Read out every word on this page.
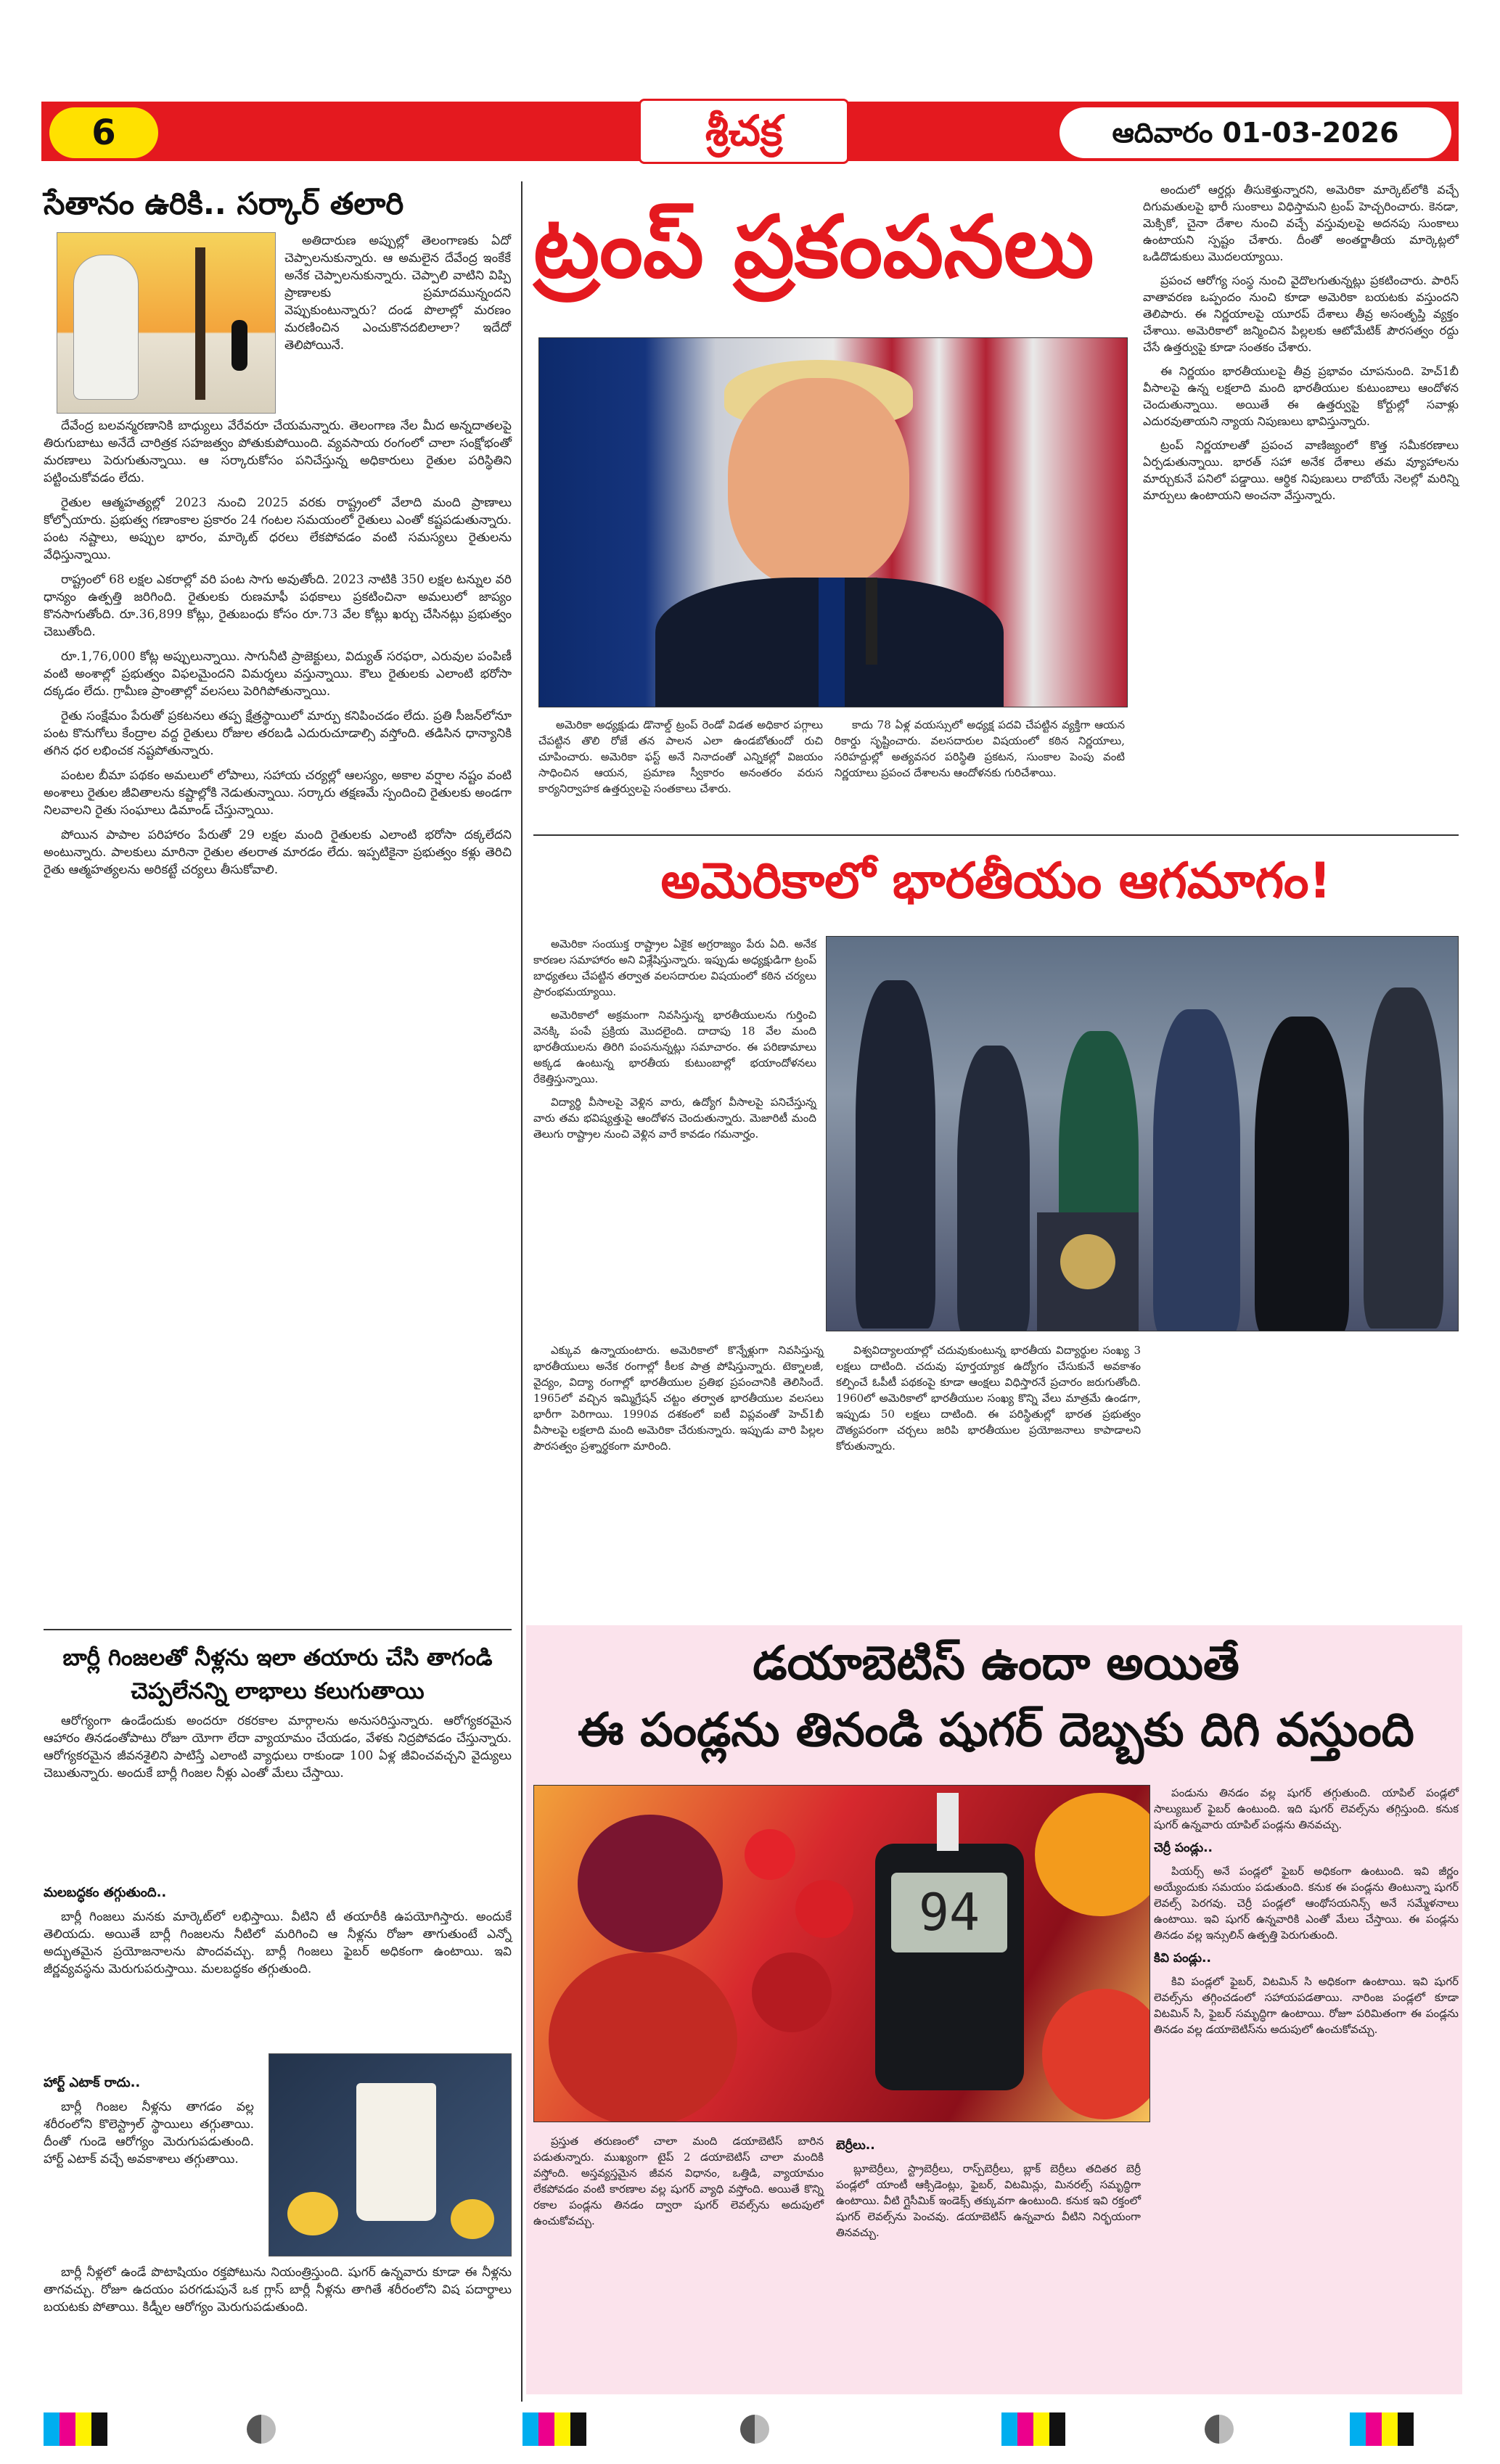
6	శ్రీచక్ర	ఆదివారం 01-03-2026
సేతానం ఉరికి.. సర్కార్ తలారి

అతిదారుణ అప్పుల్లో తెలంగాణకు ఏదో చెప్పాలనుకున్నారు. ఆ అమలైన దేవేంద్ర ఇంకేకే అనేక చెప్పాలనుకున్నారు. చెప్పాలి వాటిని విప్పి ప్రాణాలకు ప్రమాదమున్నందని వెప్పుకుంటున్నారు? దండ పొలాల్లో మరణం మరణించిన ఎంచుకొనదబిలాలా? ఇదేదో తెలిపోయినే.

దేవేంద్ర బలవన్మరణానికి బాధ్యులు వేరేవరూ చేయమన్నారు. తెలంగాణ నేల మీద అన్నదాతలపై తిరుగుబాటు అనేదే చారిత్రక సహజత్వం పోతుకుపోయింది. వ్యవసాయ రంగంలో చాలా సంక్షోభంతో మరణాలు పెరుగుతున్నాయి. ఆ సర్కారుకోసం పనిచేస్తున్న అధికారులు రైతుల పరిస్థితిని పట్టించుకోవడం లేదు.

రైతుల ఆత్మహత్యల్లో 2023 నుంచి 2025 వరకు రాష్ట్రంలో వేలాది మంది ప్రాణాలు కోల్పోయారు. ప్రభుత్వ గణాంకాల ప్రకారం 24 గంటల సమయంలో రైతులు ఎంతో కష్టపడుతున్నారు. పంట నష్టాలు, అప్పుల భారం, మార్కెట్ ధరలు లేకపోవడం వంటి సమస్యలు రైతులను వేధిస్తున్నాయి.

రాష్ట్రంలో 68 లక్షల ఎకరాల్లో వరి పంట సాగు అవుతోంది. 2023 నాటికి 350 లక్షల టన్నుల వరి ధాన్యం ఉత్పత్తి జరిగింది. రైతులకు రుణమాఫీ పథకాలు ప్రకటించినా అమలులో జాప్యం కొనసాగుతోంది. రూ.36,899 కోట్లు, రైతుబంధు కోసం రూ.73 వేల కోట్లు ఖర్చు చేసినట్లు ప్రభుత్వం చెబుతోంది.

రూ.1,76,000 కోట్ల అప్పులున్నాయి. సాగునీటి ప్రాజెక్టులు, విద్యుత్ సరఫరా, ఎరువుల పంపిణీ వంటి అంశాల్లో ప్రభుత్వం విఫలమైందని విమర్శలు వస్తున్నాయి. కౌలు రైతులకు ఎలాంటి భరోసా దక్కడం లేదు. గ్రామీణ ప్రాంతాల్లో వలసలు పెరిగిపోతున్నాయి.

రైతు సంక్షేమం పేరుతో ప్రకటనలు తప్ప క్షేత్రస్థాయిలో మార్పు కనిపించడం లేదు. ప్రతి సీజన్‌లోనూ పంట కొనుగోలు కేంద్రాల వద్ద రైతులు రోజుల తరబడి ఎదురుచూడాల్సి వస్తోంది. తడిసిన ధాన్యానికి తగిన ధర లభించక నష్టపోతున్నారు.

పంటల బీమా పథకం అమలులో లోపాలు, సహాయ చర్యల్లో ఆలస్యం, అకాల వర్షాల నష్టం వంటి అంశాలు రైతుల జీవితాలను కష్టాల్లోకి నెడుతున్నాయి. సర్కారు తక్షణమే స్పందించి రైతులకు అండగా నిలవాలని రైతు సంఘాలు డిమాండ్ చేస్తున్నాయి.

పోయిన పాపాల పరిహారం పేరుతో 29 లక్షల మంది రైతులకు ఎలాంటి భరోసా దక్కలేదని అంటున్నారు. పాలకులు మారినా రైతుల తలరాత మారడం లేదు. ఇప్పటికైనా ప్రభుత్వం కళ్లు తెరిచి రైతు ఆత్మహత్యలను అరికట్టే చర్యలు తీసుకోవాలి.

బార్లీ గింజలతో నీళ్లను ఇలా తయారు చేసి తాగండి చెప్పలేనన్ని లాభాలు కలుగుతాయి

ఆరోగ్యంగా ఉండేందుకు అందరూ రకరకాల మార్గాలను అనుసరిస్తున్నారు. ఆరోగ్యకరమైన ఆహారం తినడంతోపాటు రోజూ యోగా లేదా వ్యాయామం చేయడం, వేళకు నిద్రపోవడం చేస్తున్నారు. ఆరోగ్యకరమైన జీవనశైలిని పాటిస్తే ఎలాంటి వ్యాధులు రాకుండా 100 ఏళ్ల జీవించవచ్చని వైద్యులు చెబుతున్నారు. అందుకే బార్లీ గింజల నీళ్లు ఎంతో మేలు చేస్తాయి.

మలబద్ధకం తగ్గుతుంది..

బార్లీ గింజలు మనకు మార్కెట్‌లో లభిస్తాయి. వీటిని టీ తయారీకి ఉపయోగిస్తారు. అందుకే తెలియదు. అయితే బార్లీ గింజలను నీటిలో మరిగించి ఆ నీళ్లను రోజూ తాగుతుంటే ఎన్నో అద్భుతమైన ప్రయోజనాలను పొందవచ్చు. బార్లీ గింజలు ఫైబర్ అధికంగా ఉంటాయి. ఇవి జీర్ణవ్యవస్థను మెరుగుపరుస్తాయి. మలబద్ధకం తగ్గుతుంది.

హార్ట్ ఎటాక్ రాదు..

బార్లీ గింజల నీళ్లను తాగడం వల్ల శరీరంలోని కొలెస్ట్రాల్ స్థాయిలు తగ్గుతాయి. దీంతో గుండె ఆరోగ్యం మెరుగుపడుతుంది. హార్ట్ ఎటాక్ వచ్చే అవకాశాలు తగ్గుతాయి.

బార్లీ నీళ్లలో ఉండే పొటాషియం రక్తపోటును నియంత్రిస్తుంది. షుగర్ ఉన్నవారు కూడా ఈ నీళ్లను తాగవచ్చు. రోజూ ఉదయం పరగడుపునే ఒక గ్లాస్ బార్లీ నీళ్లను తాగితే శరీరంలోని విష పదార్థాలు బయటకు పోతాయి. కిడ్నీల ఆరోగ్యం మెరుగుపడుతుంది.

ట్రంప్ ప్రకంపనలు

అమెరికా అధ్యక్షుడు డొనాల్డ్ ట్రంప్ రెండో విడత అధికార పగ్గాలు చేపట్టిన తొలి రోజే తన పాలన ఎలా ఉండబోతుందో రుచి చూపించారు. అమెరికా ఫస్ట్ అనే నినాదంతో ఎన్నికల్లో విజయం సాధించిన ఆయన, ప్రమాణ స్వీకారం అనంతరం వరుస కార్యనిర్వాహక ఉత్తర్వులపై సంతకాలు చేశారు.

కాదు 78 ఏళ్ల వయస్సులో అధ్యక్ష పదవి చేపట్టిన వ్యక్తిగా ఆయన రికార్డు సృష్టించారు. వలసదారుల విషయంలో కఠిన నిర్ణయాలు, సరిహద్దుల్లో అత్యవసర పరిస్థితి ప్రకటన, సుంకాల పెంపు వంటి నిర్ణయాలు ప్రపంచ దేశాలను ఆందోళనకు గురిచేశాయి.

అందులో ఆర్డర్లు తీసుకెళ్తున్నారని, అమెరికా మార్కెట్‌లోకి వచ్చే దిగుమతులపై భారీ సుంకాలు విధిస్తామని ట్రంప్ హెచ్చరించారు. కెనడా, మెక్సికో, చైనా దేశాల నుంచి వచ్చే వస్తువులపై అదనపు సుంకాలు ఉంటాయని స్పష్టం చేశారు. దీంతో అంతర్జాతీయ మార్కెట్లలో ఒడిదొడుకులు మొదలయ్యాయి.

ప్రపంచ ఆరోగ్య సంస్థ నుంచి వైదొలగుతున్నట్లు ప్రకటించారు. పారిస్ వాతావరణ ఒప్పందం నుంచి కూడా అమెరికా బయటకు వస్తుందని తెలిపారు. ఈ నిర్ణయాలపై యూరప్ దేశాలు తీవ్ర అసంతృప్తి వ్యక్తం చేశాయి. అమెరికాలో జన్మించిన పిల్లలకు ఆటోమేటిక్ పౌరసత్వం రద్దు చేసే ఉత్తర్వుపై కూడా సంతకం చేశారు.

ఈ నిర్ణయం భారతీయులపై తీవ్ర ప్రభావం చూపనుంది. హెచ్1బీ వీసాలపై ఉన్న లక్షలాది మంది భారతీయుల కుటుంబాలు ఆందోళన చెందుతున్నాయి. అయితే ఈ ఉత్తర్వుపై కోర్టుల్లో సవాళ్లు ఎదురవుతాయని న్యాయ నిపుణులు భావిస్తున్నారు.

ట్రంప్ నిర్ణయాలతో ప్రపంచ వాణిజ్యంలో కొత్త సమీకరణాలు ఏర్పడుతున్నాయి. భారత్ సహా అనేక దేశాలు తమ వ్యూహాలను మార్చుకునే పనిలో పడ్డాయి. ఆర్థిక నిపుణులు రాబోయే నెలల్లో మరిన్ని మార్పులు ఉంటాయని అంచనా వేస్తున్నారు.

అమెరికాలో భారతీయం ఆగమాగం!

అమెరికా సంయుక్త రాష్ట్రాల ఏకైక అగ్రరాజ్యం పేరు ఏది. అనేక కారణల సమాహారం అని విశ్లేషిస్తున్నారు. ఇప్పుడు అధ్యక్షుడిగా ట్రంప్ బాధ్యతలు చేపట్టిన తర్వాత వలసదారుల విషయంలో కఠిన చర్యలు ప్రారంభమయ్యాయి.

అమెరికాలో అక్రమంగా నివసిస్తున్న భారతీయులను గుర్తించి వెనక్కి పంపే ప్రక్రియ మొదలైంది. దాదాపు 18 వేల మంది భారతీయులను తిరిగి పంపనున్నట్లు సమాచారం. ఈ పరిణామాలు అక్కడ ఉంటున్న భారతీయ కుటుంబాల్లో భయాందోళనలు రేకెత్తిస్తున్నాయి.

విద్యార్థి వీసాలపై వెళ్లిన వారు, ఉద్యోగ వీసాలపై పనిచేస్తున్న వారు తమ భవిష్యత్తుపై ఆందోళన చెందుతున్నారు. మెజారిటీ మంది తెలుగు రాష్ట్రాల నుంచి వెళ్లిన వారే కావడం గమనార్హం.

ఎక్కువ ఉన్నాయంటారు. అమెరికాలో కొన్నేళ్లుగా నివసిస్తున్న భారతీయులు అనేక రంగాల్లో కీలక పాత్ర పోషిస్తున్నారు. టెక్నాలజీ, వైద్యం, విద్యా రంగాల్లో భారతీయుల ప్రతిభ ప్రపంచానికి తెలిసిందే. 1965లో వచ్చిన ఇమ్మిగ్రేషన్ చట్టం తర్వాత భారతీయుల వలసలు భారీగా పెరిగాయి. 1990వ దశకంలో ఐటీ విప్లవంతో హెచ్1బీ వీసాలపై లక్షలాది మంది అమెరికా చేరుకున్నారు. ఇప్పుడు వారి పిల్లల పౌరసత్వం ప్రశ్నార్థకంగా మారింది.

విశ్వవిద్యాలయాల్లో చదువుకుంటున్న భారతీయ విద్యార్థుల సంఖ్య 3 లక్షలు దాటింది. చదువు పూర్తయ్యాక ఉద్యోగం చేసుకునే అవకాశం కల్పించే ఓపీటీ పథకంపై కూడా ఆంక్షలు విధిస్తారనే ప్రచారం జరుగుతోంది. 1960లో అమెరికాలో భారతీయుల సంఖ్య కొన్ని వేలు మాత్రమే ఉండగా, ఇప్పుడు 50 లక్షలు దాటింది. ఈ పరిస్థితుల్లో భారత ప్రభుత్వం దౌత్యపరంగా చర్చలు జరిపి భారతీయుల ప్రయోజనాలు కాపాడాలని కోరుతున్నారు.

డయాబెటిస్ ఉందా అయితే
ఈ పండ్లను తినండి షుగర్ దెబ్బకు దిగి వస్తుంది
94

ప్రస్తుత తరుణంలో చాలా మంది డయాబెటిస్ బారిన పడుతున్నారు. ముఖ్యంగా టైప్ 2 డయాబెటిస్ చాలా మందికి వస్తోంది. అస్తవ్యస్తమైన జీవన విధానం, ఒత్తిడి, వ్యాయామం లేకపోవడం వంటి కారణాల వల్ల షుగర్ వ్యాధి వస్తోంది. అయితే కొన్ని రకాల పండ్లను తినడం ద్వారా షుగర్ లెవల్స్‌ను అదుపులో ఉంచుకోవచ్చు.

బెర్రీలు..

బ్లూబెర్రీలు, స్ట్రాబెర్రీలు, రాస్ప్‌బెర్రీలు, బ్లాక్ బెర్రీలు తదితర బెర్రీ పండ్లలో యాంటీ ఆక్సిడెంట్లు, ఫైబర్, విటమిన్లు, మినరల్స్ సమృద్ధిగా ఉంటాయి. వీటి గ్లైసీమిక్ ఇండెక్స్ తక్కువగా ఉంటుంది. కనుక ఇవి రక్తంలో షుగర్ లెవల్స్‌ను పెంచవు. డయాబెటిస్ ఉన్నవారు వీటిని నిర్భయంగా తినవచ్చు.

పండును తినడం వల్ల షుగర్ తగ్గుతుంది. యాపిల్ పండ్లలో సాల్యుబుల్ ఫైబర్ ఉంటుంది. ఇది షుగర్ లెవల్స్‌ను తగ్గిస్తుంది. కనుక షుగర్ ఉన్నవారు యాపిల్ పండ్లను తినవచ్చు.

చెర్రీ పండ్లు..

పియర్స్ అనే పండ్లలో ఫైబర్ అధికంగా ఉంటుంది. ఇవి జీర్ణం అయ్యేందుకు సమయం పడుతుంది. కనుక ఈ పండ్లను తింటున్నా షుగర్ లెవల్స్ పెరగవు. చెర్రీ పండ్లలో ఆంథోసయనిన్స్ అనే సమ్మేళనాలు ఉంటాయి. ఇవి షుగర్ ఉన్నవారికి ఎంతో మేలు చేస్తాయి. ఈ పండ్లను తినడం వల్ల ఇన్సులిన్ ఉత్పత్తి పెరుగుతుంది.

కివి పండ్లు..

కివి పండ్లలో ఫైబర్, విటమిన్ సి అధికంగా ఉంటాయి. ఇవి షుగర్ లెవల్స్‌ను తగ్గించడంలో సహాయపడతాయి. నారింజ పండ్లలో కూడా విటమిన్ సి, ఫైబర్ సమృద్ధిగా ఉంటాయి. రోజూ పరిమితంగా ఈ పండ్లను తినడం వల్ల డయాబెటిస్‌ను అదుపులో ఉంచుకోవచ్చు.
